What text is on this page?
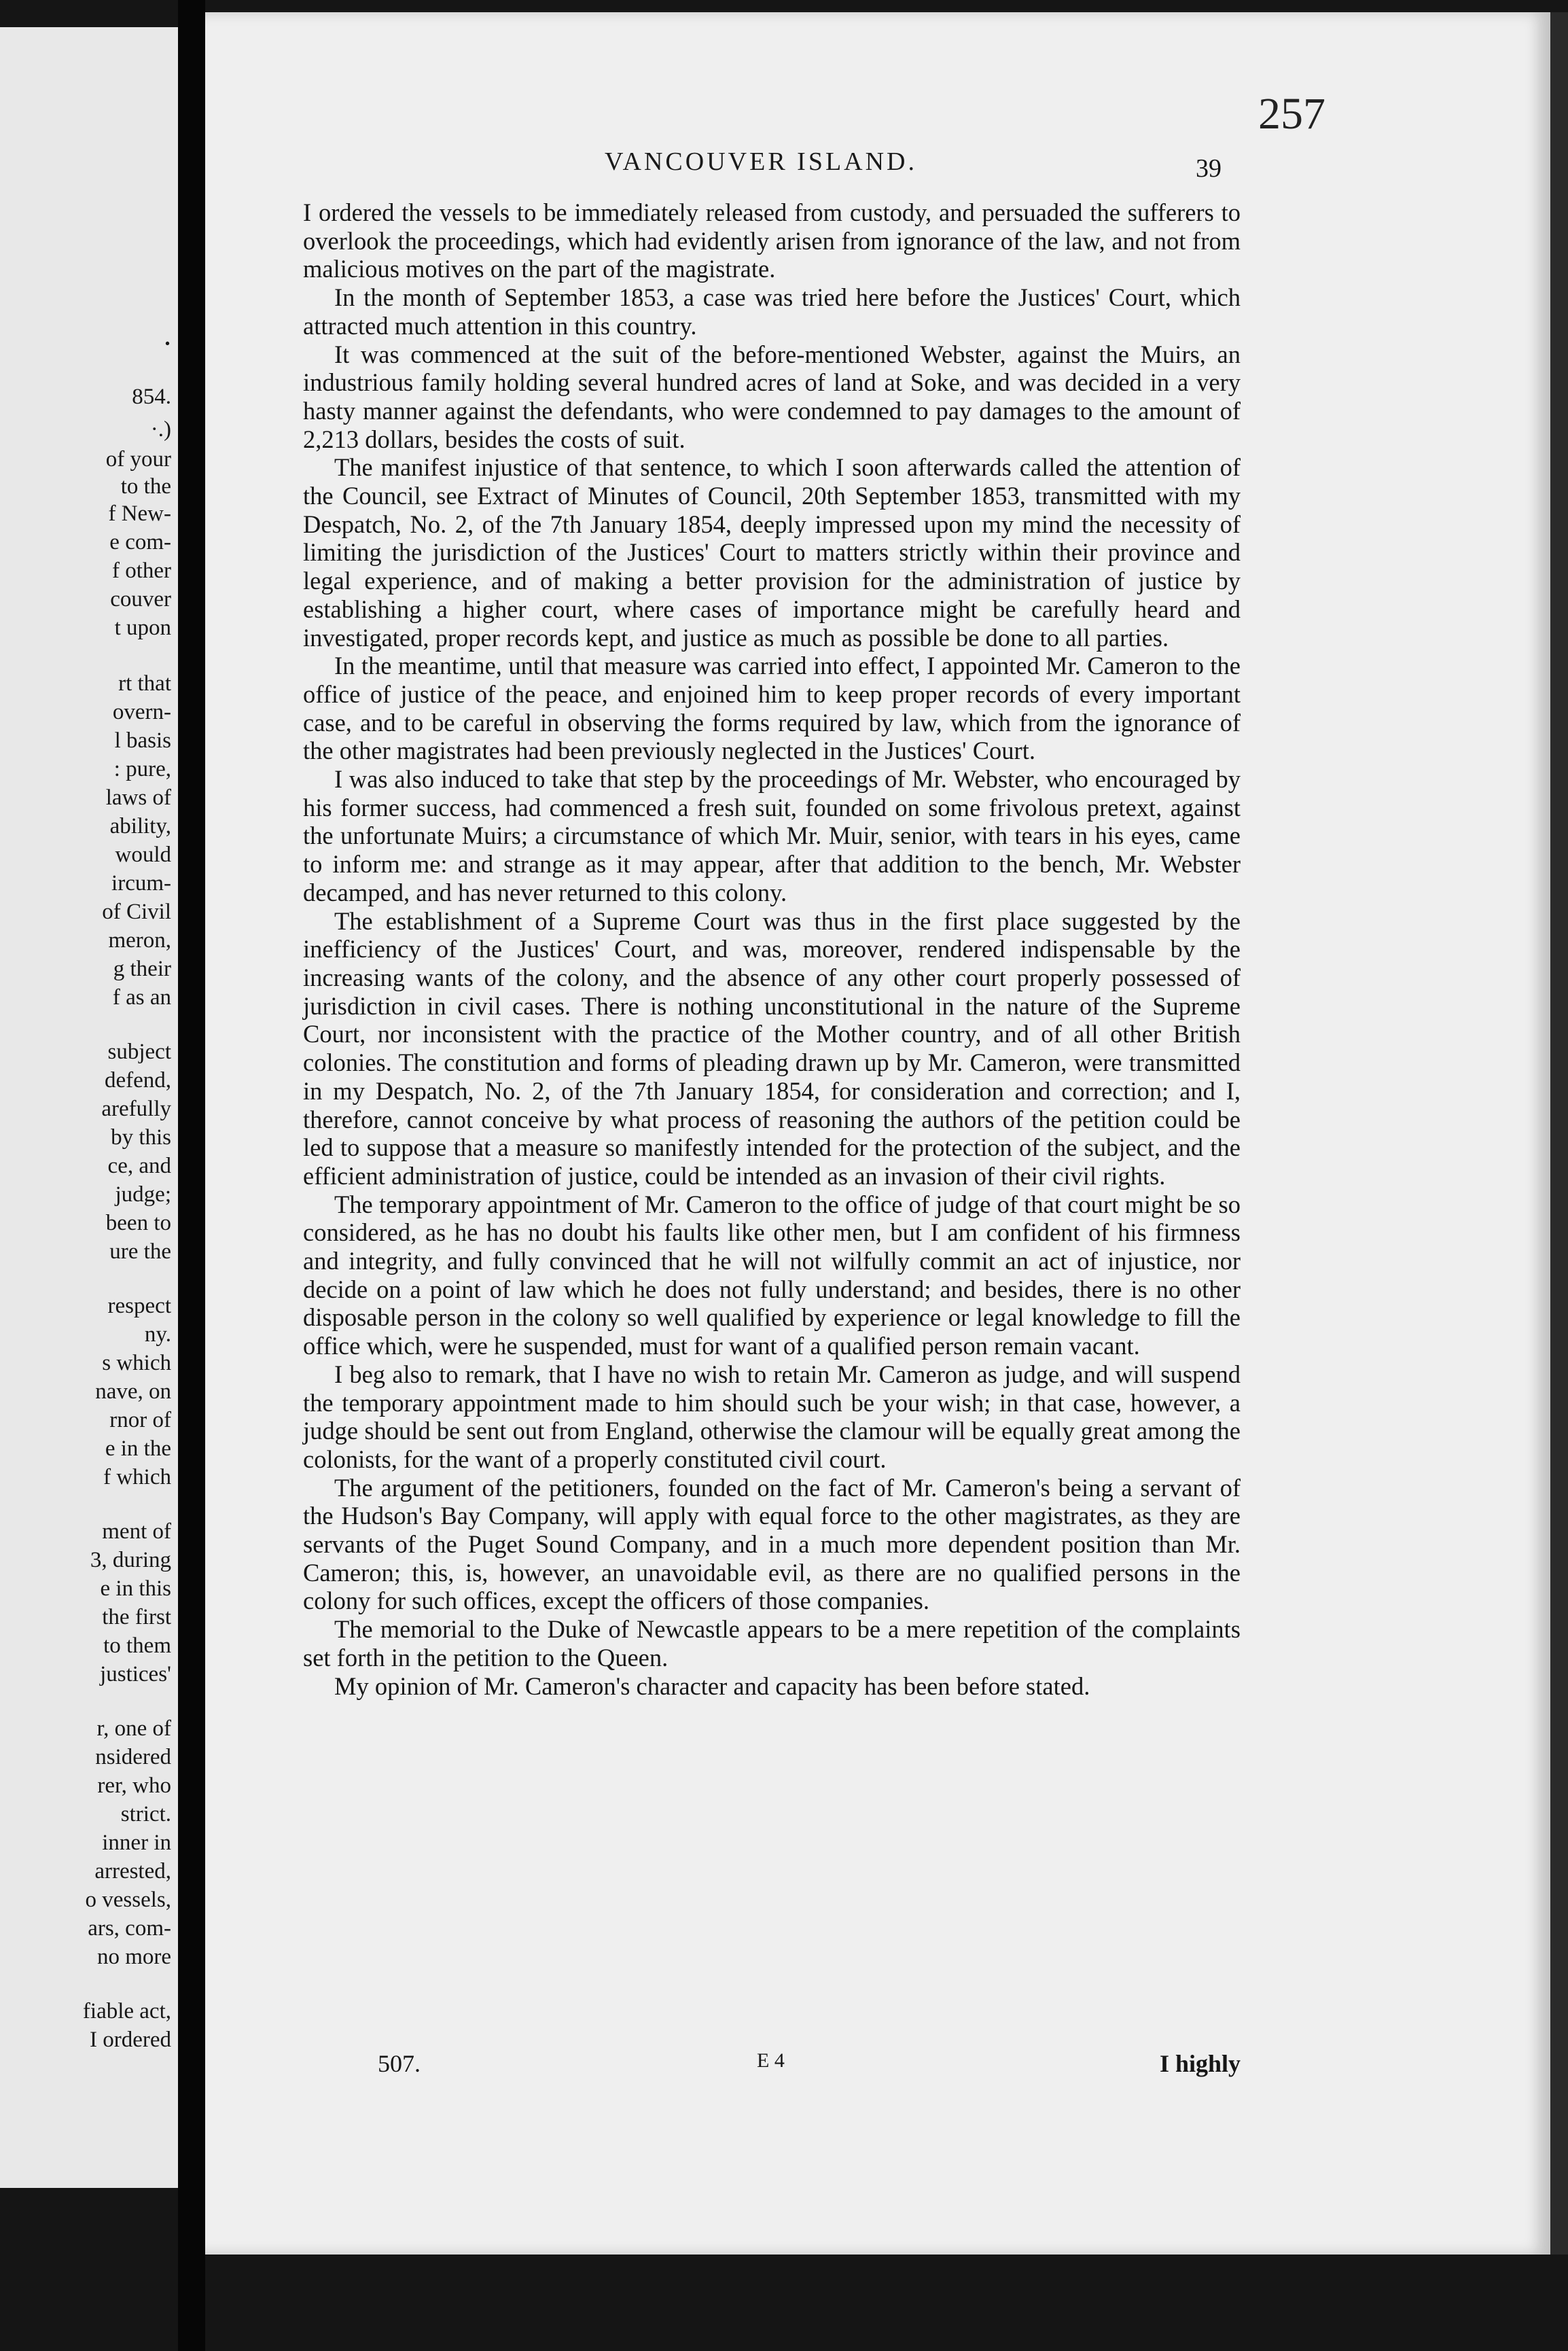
·
854.
·.)
of your
to the
f New-
e com-
f other
couver
t upon
rt that
overn-
l basis
: pure,
laws of
ability,
would
ircum-
of Civil
meron,
g their
f as an
subject
defend,
arefully
by this
ce, and
judge;
been to
ure the
respect
ny.
s which
nave, on
rnor of
e in the
f which
ment of
3, during
e in this
the first
to them
justices'
r, one of
nsidered
rer, who
strict.
inner in
arrested,
o vessels,
ars, com-
no more
fiable act,
I ordered
257
VANCOUVER ISLAND.	39

I ordered the vessels to be immediately released from custody, and persuaded the sufferers to overlook the proceedings, which had evidently arisen from ignorance of the law, and not from malicious motives on the part of the magistrate.

In the month of September 1853, a case was tried here before the Justices' Court, wh⁠ich attracted much attention in this country.

It was commenced at the suit of the before-mentioned Webster, against the Muirs, an industrious family holding several hundred acres of land at Soke, and was decided in a very hasty manner against the defendants, who were condemned to pay damages to the amount of 2,213 dollars, besides the costs of suit.

The manifest injustice of that sentence, to which I soon afterwards called the attention of the Council, see Extract of Minutes of Council, 20th September 1853, transmitted with my Despatch, No. 2, of the 7th January 1854, deeply impressed upon my mind the necessity of limiting the jurisdiction of the Justices' Court to matters strictly within their province and legal experience, and of making a better provision for the administration of justice by establishing a higher court, where cases of importance might be carefully heard and investigated, proper records kept, and justice as much as possible be done to all parties.

In the meantime, until that measure was carried into effect, I appointed Mr. Cameron to the office of justice of the peace, and enjoined him to keep proper records of every important case, and to be careful in observing the forms required by law, which from the ignorance of the other magistrates had been previously neglected in the Justices' Court.

I was also induced to take that step by the proceedings of Mr. Webster, who encouraged by his former success, had commenced a fresh suit, founded on some frivolous pretext, against the unfortunate Muirs; a circumstance of which Mr. Muir, senior, with tears in his eyes, came to inform me: and strange as it may appear, after that addition to the bench, Mr. Webster decamped, and has never returned to this colony.

The establishment of a Supreme Court was thus in the first place suggested by the inefficiency of the Justices' Court, and was, moreover, rendered indispensable by the increasing wants of the colony, and the absence of any other court properly possessed of jurisdiction in civil cases. There is nothing unconstitutional in the nature of the Supreme Court, nor inconsistent with the practice of the Mother country, and of all other British colonies. The constitution and forms of pleading drawn up by Mr. Cameron, were transmitted in my Despatch, No. 2, of the 7th January 1854, for consideration and correction; and I, therefore, cannot conceive by what process of reasoning the authors of the petition could be led to suppose that a measure so manifestly intended for the protection of the subject, and the efficient administration of justice, could be intended as an invasion of their civil rights.

The temporary appointment of Mr. Cameron to the office of judge of that court might be so considered, as he has no doubt his faults like other men, but I am confident of his firmness and integrity, and fully convinced that he will not wilfully commit an act of injustice, nor decide on a point of law which he does not fully understand; and besides, there is no other disposable person in the colony so well qualified by experience or legal knowledge to fill the office which, were he suspended, must for want of a qualified person remain vacant.

I beg also to remark, that I have no wish to retain Mr. Cameron as judge, and will suspend the temporary appointment made to him should such be your wish; in that case, however, a judge should be sent out from England, otherwise the clamour will be equally great among the colonists, for the want of a properly constituted civil court.

The argument of the petitioners, founded on the fact of Mr. Cameron's being a servant of the Hudson's Bay Company, will apply with equal force to the other magistrates, as they are servants of the Puget Sound Company, and in a much more dependent position than Mr. Cameron; this, is, however, an unavoidable evil, as there are no qualified persons in the colony for such offices, except the officers of those companies.

The memorial to the Duke of Newcastle appears to be a mere repetition of the complaints set forth in the petition to the Queen.

My opinion of Mr. Cameron's character and capacity has been before stated.

507.	E 4	I highly
